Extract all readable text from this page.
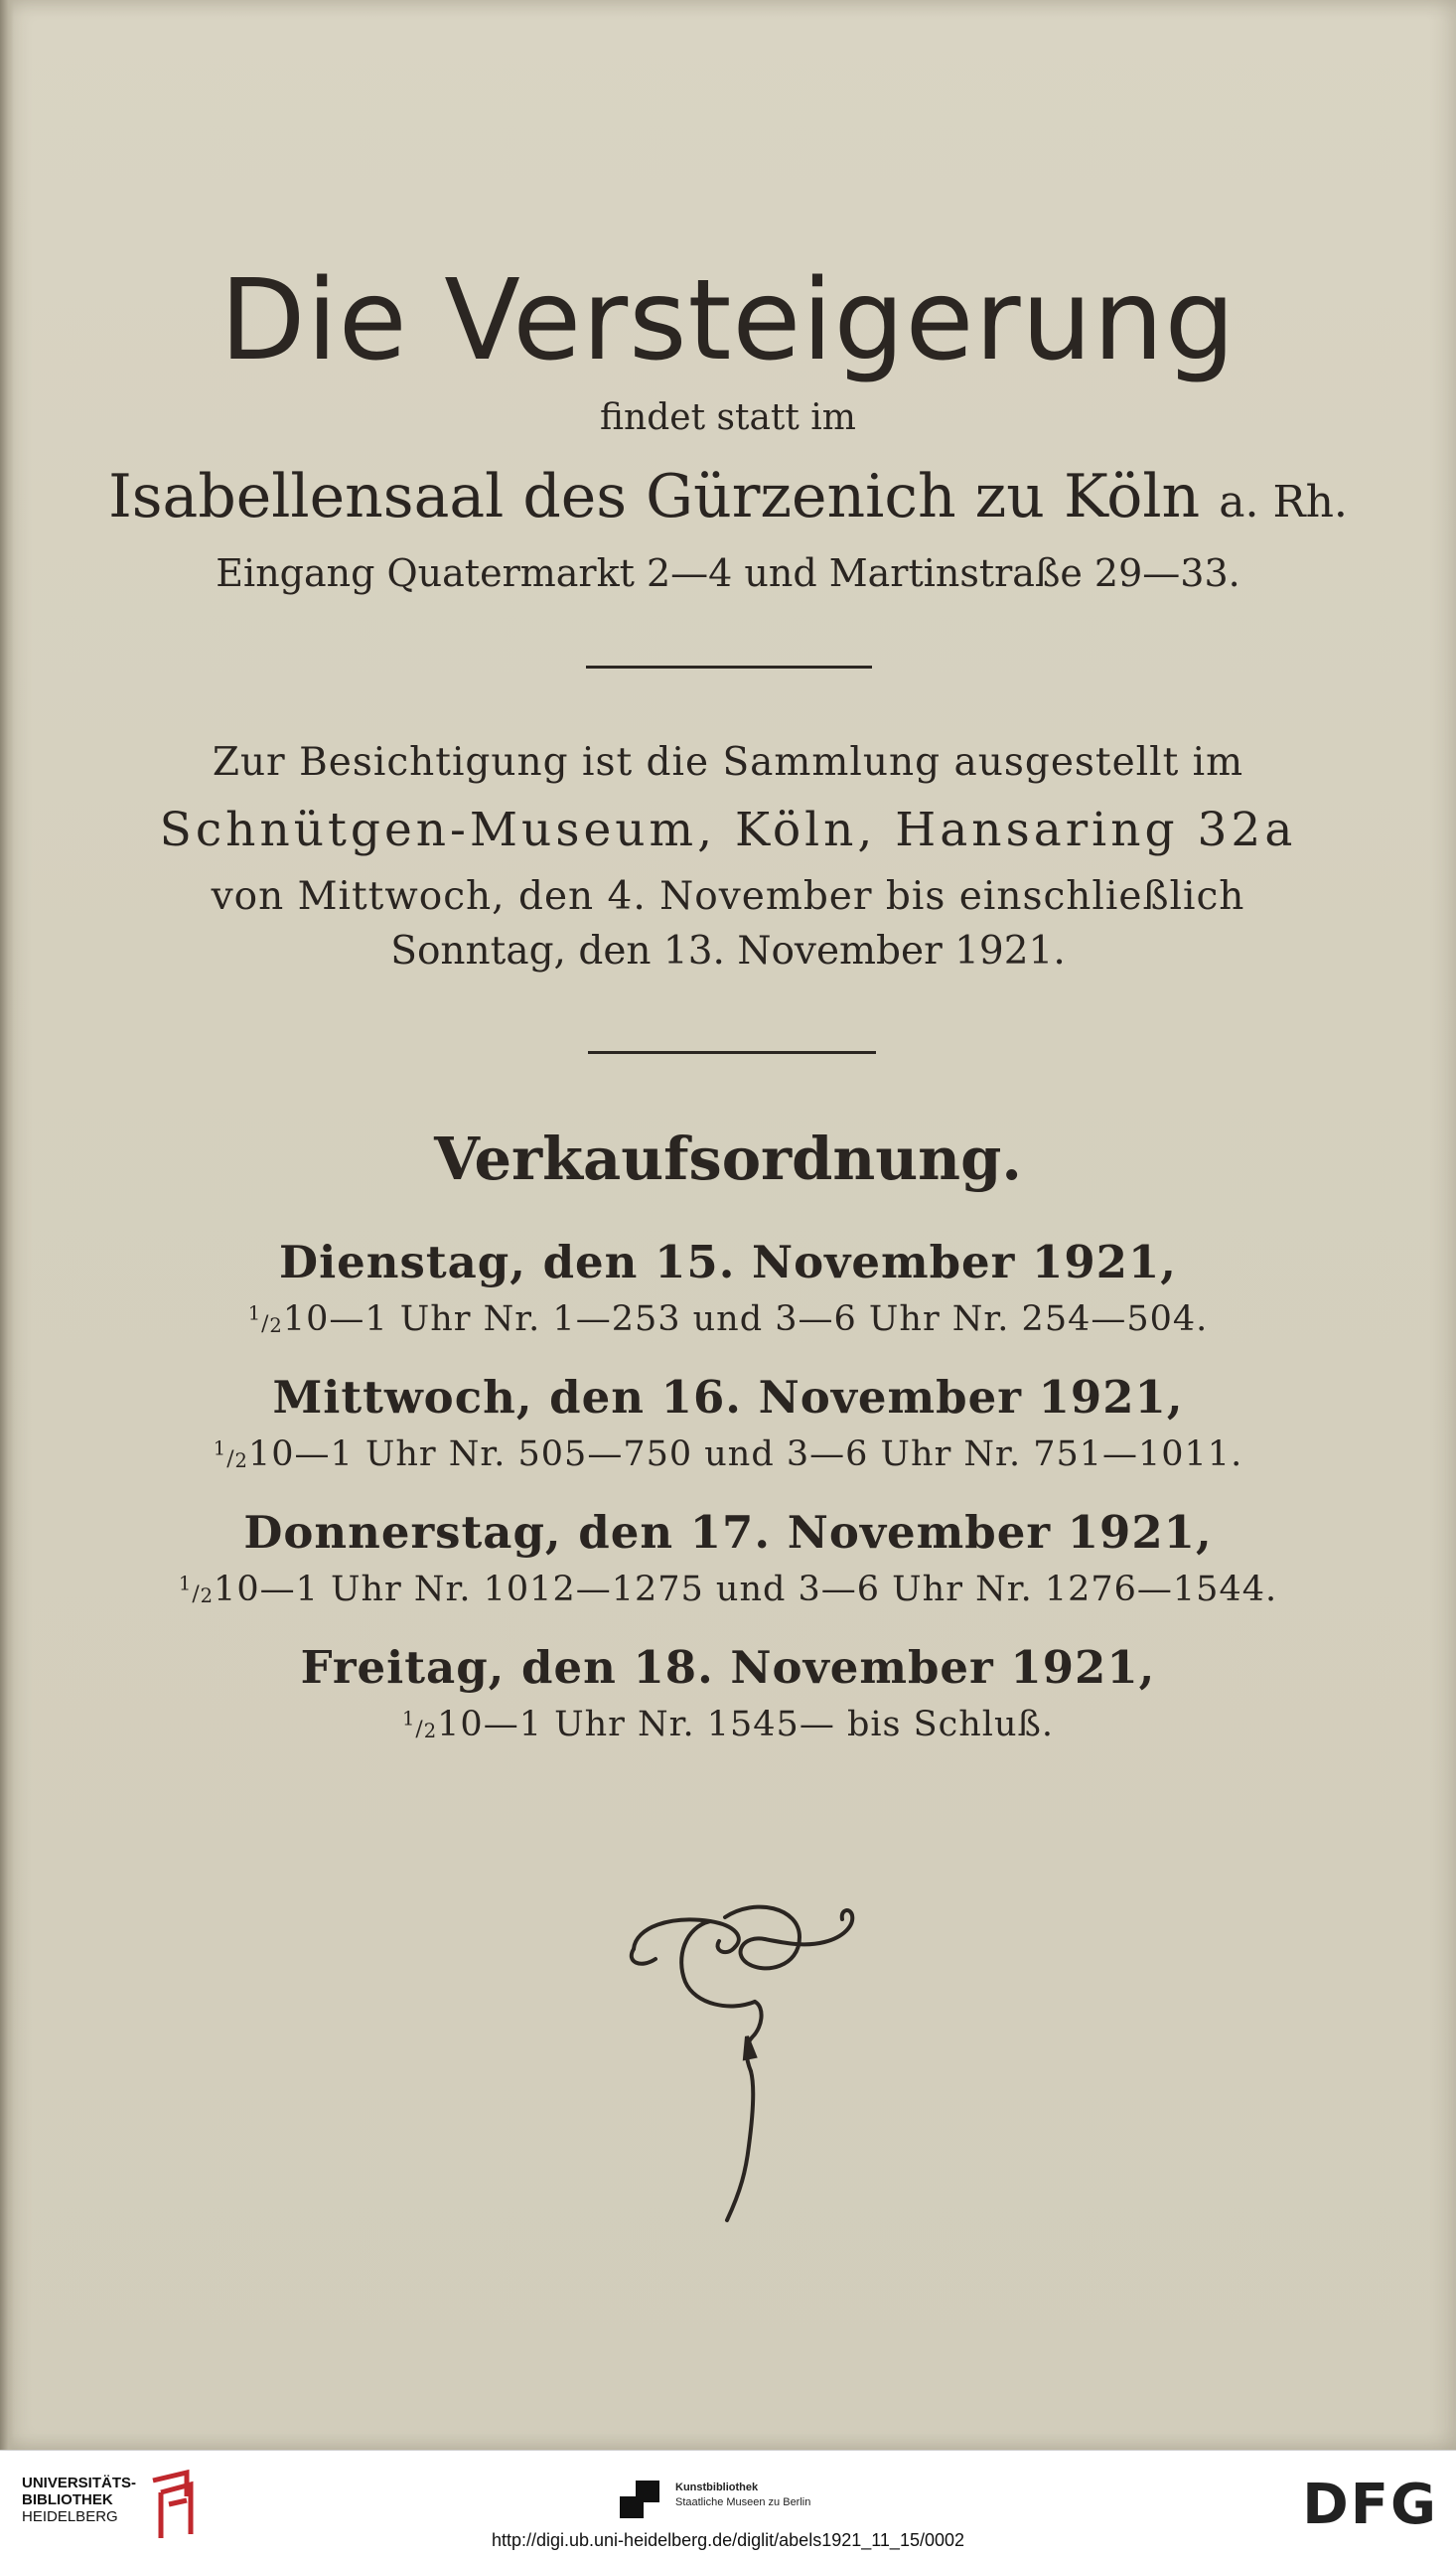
Die Versteigerung
findet statt im
Isabellensaal des Gürzenich zu Köln a. Rh.
Eingang Quatermarkt 2—4 und Martinstraße 29—33.
Zur Besichtigung ist die Sammlung ausgestellt im
Schnütgen-Museum, Köln, Hansaring 32a
von Mittwoch, den 4. November bis einschließlich
Sonntag, den 13. November 1921.
Verkaufsordnung.
Dienstag, den 15. November 1921,
$^1/_210—1$ Uhr Nr. 1—253 und 3—6 Uhr Nr. 254—504.
Mittwoch, den 16. November 1921,
$^1/_210—1$ Uhr Nr. 505—750 und 3—6 Uhr Nr. 751—1011.
Donnerstag, den 17. November 1921,
$^1/_210—1$ Uhr Nr. 1012—1275 und 3—6 Uhr Nr. 1276—1544.
Freitag, den 18. November 1921,
$^1/_210—1$ Uhr Nr. 1545— bis Schluß.
UNIVERSITÄTS-
BIBLIOTHEK
HEIDELBERG
Kunstbibliothek
Staatliche Museen zu Berlin	DFG
http://digi.ub.uni-heidelberg.de/diglit/abels1921_11_15/0002
